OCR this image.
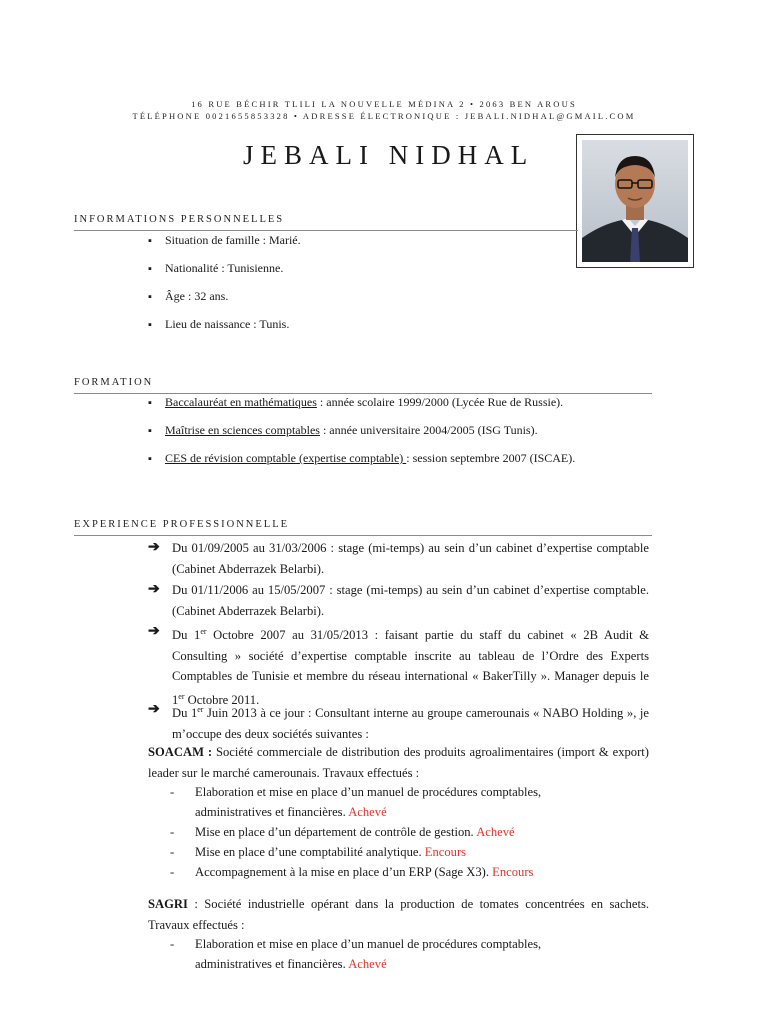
16 RUE BÉCHIR TLILI LA NOUVELLE MÉDINA 2 • 2063 BEN AROUS
TÉLÉPHONE 0021655853328 • ADRESSE ÉLECTRONIQUE : JEBALI.NIDHAL@GMAIL.COM
JEBALI NIDHAL
INFORMATIONS PERSONNELLES
▪ Situation de famille : Marié.
▪ Nationalité : Tunisienne.
▪ Âge : 32 ans.
▪ Lieu de naissance : Tunis.
FORMATION
▪ Baccalauréat en mathématiques : année scolaire 1999/2000 (Lycée Rue de Russie).
▪ Maîtrise en sciences comptables : année universitaire 2004/2005 (ISG Tunis).
▪ CES de révision comptable (expertise comptable) : session septembre 2007 (ISCAE).
EXPERIENCE PROFESSIONNELLE
➔ Du 01/09/2005 au 31/03/2006 : stage (mi-temps) au sein d’un cabinet d’expertise comptable (Cabinet Abderrazek Belarbi).
➔ Du 01/11/2006 au 15/05/2007 : stage (mi-temps) au sein d’un cabinet d’expertise comptable. (Cabinet Abderrazek Belarbi).
➔ Du 1er Octobre 2007 au 31/05/2013 : faisant partie du staff du cabinet « 2B Audit & Consulting » société d’expertise comptable inscrite au tableau de l’Ordre des Experts Comptables de Tunisie et membre du réseau international « BakerTilly ». Manager depuis le 1er Octobre 2011.
➔ Du 1er Juin 2013 à ce jour : Consultant interne au groupe camerounais « NABO Holding », je m’occupe des deux sociétés suivantes :
SOACAM : Société commerciale de distribution des produits agroalimentaires (import & export) leader sur le marché camerounais. Travaux effectués :
- Elaboration et mise en place d’un manuel de procédures comptables, administratives et financières. Achevé
- Mise en place d’un département de contrôle de gestion. Achevé
- Mise en place d’une comptabilité analytique. Encours
- Accompagnement à la mise en place d’un ERP (Sage X3). Encours
SAGRI : Société industrielle opérant dans la production de tomates concentrées en sachets. Travaux effectués :
- Elaboration et mise en place d’un manuel de procédures comptables, administratives et financières. Achevé
